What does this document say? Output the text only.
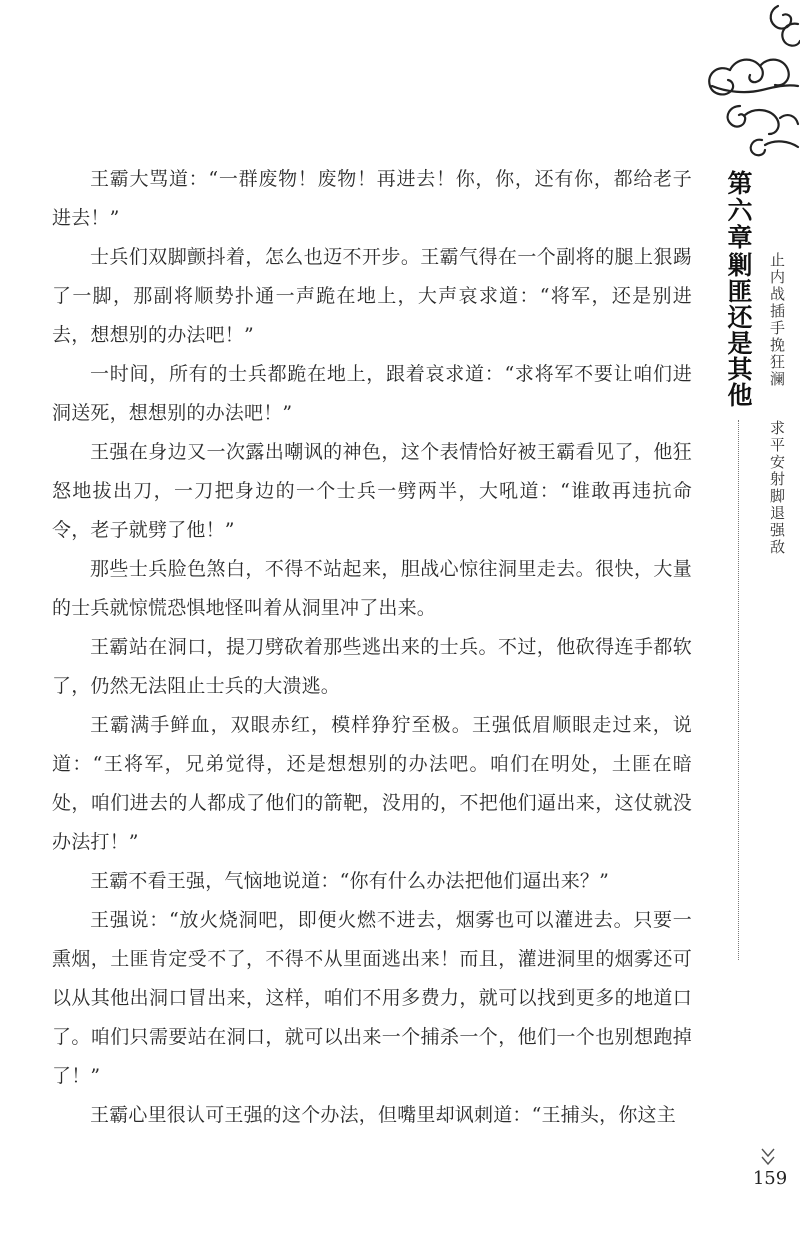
第六章
剿匪还是其他 止内战插手挽狂澜
求平安射脚退强敌

王霸大骂道：“一群废物！废物！再进去！你，你，还有你，都给老子进去！”

士兵们双脚颤抖着，怎么也迈不开步。王霸气得在一个副将的腿上狠踢了一脚，那副将顺势扑通一声跪在地上，大声哀求道：“将军，还是别进去，想想别的办法吧！”

一时间，所有的士兵都跪在地上，跟着哀求道：“求将军不要让咱们进洞送死，想想别的办法吧！”

王强在身边又一次露出嘲讽的神色，这个表情恰好被王霸看见了，他狂怒地拔出刀，一刀把身边的一个士兵一劈两半，大吼道：“谁敢再违抗命令，老子就劈了他！”

那些士兵脸色煞白，不得不站起来，胆战心惊往洞里走去。很快，大量的士兵就惊慌恐惧地怪叫着从洞里冲了出来。

王霸站在洞口，提刀劈砍着那些逃出来的士兵。不过，他砍得连手都软了，仍然无法阻止士兵的大溃逃。

王霸满手鲜血，双眼赤红，模样狰狞至极。王强低眉顺眼走过来，说道：“王将军，兄弟觉得，还是想想别的办法吧。咱们在明处，土匪在暗处，咱们进去的人都成了他们的箭靶，没用的，不把他们逼出来，这仗就没办法打！”

王霸不看王强，气恼地说道：“你有什么办法把他们逼出来？”

王强说：“放火烧洞吧，即便火燃不进去，烟雾也可以灌进去。只要一熏烟，土匪肯定受不了，不得不从里面逃出来！而且，灌进洞里的烟雾还可以从其他出洞口冒出来，这样，咱们不用多费力，就可以找到更多的地道口了。咱们只需要站在洞口，就可以出来一个捕杀一个，他们一个也别想跑掉了！”

王霸心里很认可王强的这个办法，但嘴里却讽刺道：“王捕头，你这主

159
